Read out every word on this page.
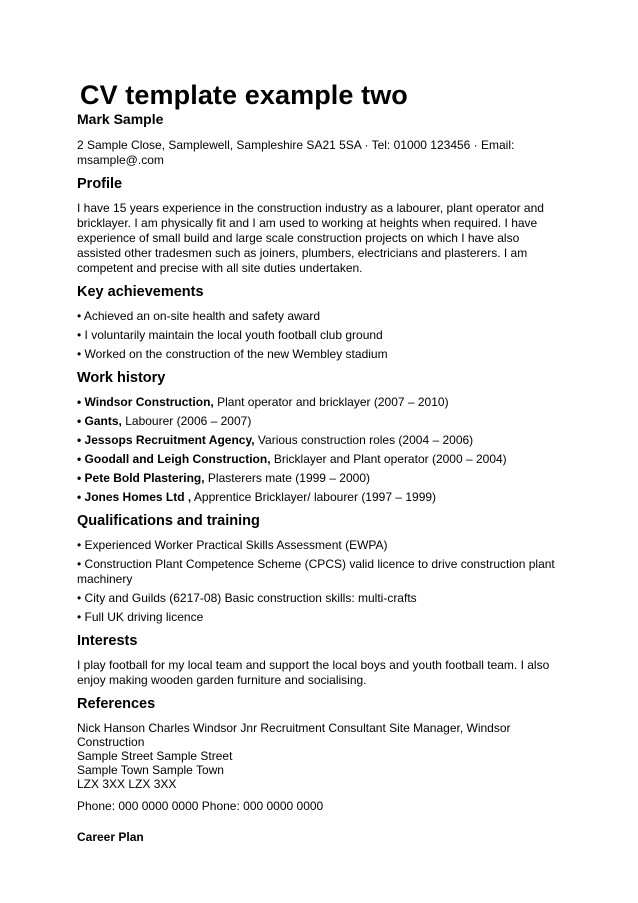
CV template example two
Mark Sample
2 Sample Close, Samplewell, Sampleshire SA21 5SA · Tel: 01000 123456 · Email: msample@.com
Profile
I have 15 years experience in the construction industry as a labourer, plant operator and bricklayer. I am physically fit and I am used to working at heights when required. I have experience of small build and large scale construction projects on which I have also assisted other tradesmen such as joiners, plumbers, electricians and plasterers. I am competent and precise with all site duties undertaken.
Key achievements
• Achieved an on-site health and safety award
• I voluntarily maintain the local youth football club ground
• Worked on the construction of the new Wembley stadium
Work history
• Windsor Construction, Plant operator and bricklayer (2007 – 2010)
• Gants, Labourer (2006 – 2007)
• Jessops Recruitment Agency, Various construction roles (2004 – 2006)
• Goodall and Leigh Construction, Bricklayer and Plant operator (2000 – 2004)
• Pete Bold Plastering, Plasterers mate (1999 – 2000)
• Jones Homes Ltd , Apprentice Bricklayer/ labourer (1997 – 1999)
Qualifications and training
• Experienced Worker Practical Skills Assessment (EWPA)
• Construction Plant Competence Scheme (CPCS) valid licence to drive construction plant machinery
• City and Guilds (6217-08) Basic construction skills: multi-crafts
• Full UK driving licence
Interests
I play football for my local team and support the local boys and youth football team. I also enjoy making wooden garden furniture and socialising.
References
Nick Hanson Charles Windsor Jnr Recruitment Consultant Site Manager, Windsor Construction
Sample Street Sample Street
Sample Town Sample Town
LZX 3XX LZX 3XX
Phone: 000 0000 0000 Phone: 000 0000 0000
Career Plan
